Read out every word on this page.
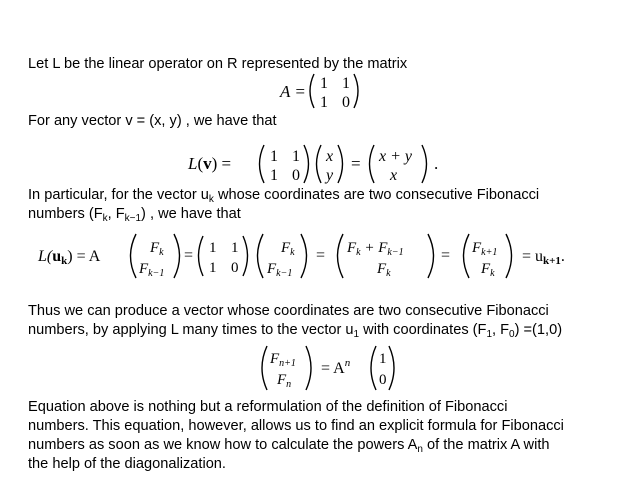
Let L be the linear operator on R represented by the matrix
A = 1 1
1 0
For any vector v = (x, y) , we have that
L(v) = 1 1
1 0
x
y
= x + y
x
.
In particular, for the vector $u_k$ whose coordinates are two consecutive Fibonacci
numbers ($F_k$, $F_{k-1}$) , we have that
L(uk) = A	$F_k$
$F_{k-1}$
= 1 1
1 0
$F_k$
$F_{k-1}$
= $F_k + F_{k-1}$
$F_k$
= $F_{k+1}$
$F_k$
= uk+1.
Thus we can produce a vector whose coordinates are two consecutive Fibonacci
numbers, by applying L many times to the vector $u_1$ with coordinates ($F_1$, $F_0) =(1,0)$
$F_{n+1}$
$F_n$
= $A^n$ 1
0
Equation above is nothing but a reformulation of the definition of Fibonacci
numbers. This equation, however, allows us to find an explicit formula for Fibonacci
numbers as soon as we know how to calculate the powers $A_n$ of the matrix A with
the help of the diagonalization.
